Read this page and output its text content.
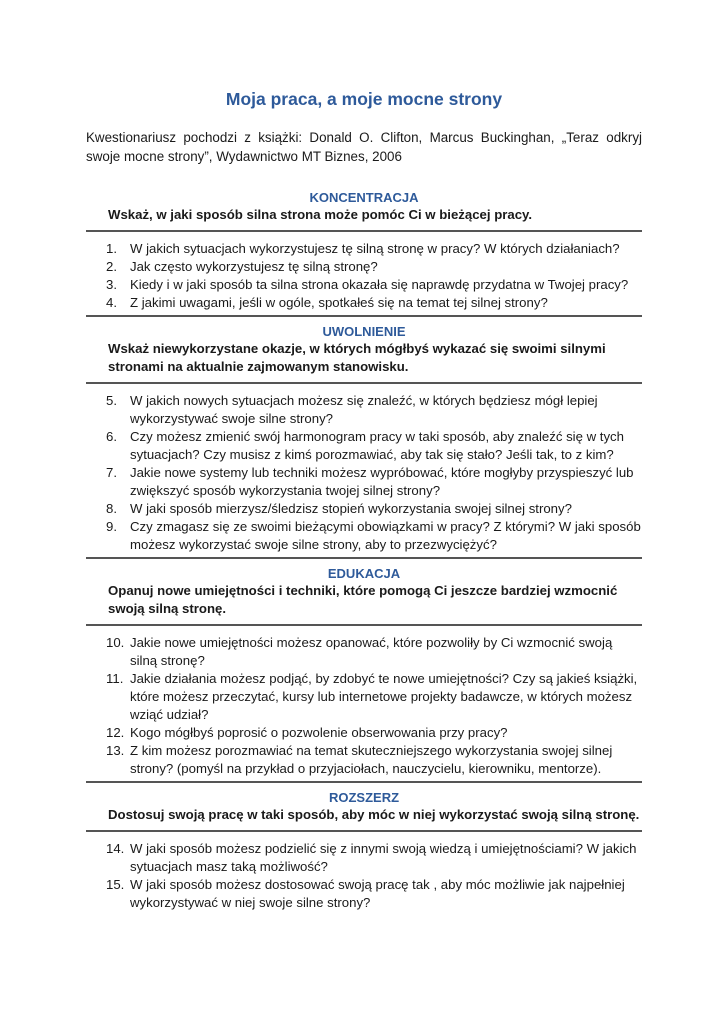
Moja praca, a moje mocne strony
Kwestionariusz pochodzi z książki: Donald O. Clifton, Marcus Buckinghan, „Teraz odkryj swoje mocne strony”, Wydawnictwo MT Biznes, 2006
KONCENTRACJA
Wskaż, w jaki sposób silna strona może pomóc Ci w bieżącej pracy.
1. W jakich sytuacjach wykorzystujesz tę silną stronę w pracy? W których działaniach?
2. Jak często wykorzystujesz tę silną stronę?
3. Kiedy i w jaki sposób ta silna strona okazała się naprawdę przydatna w Twojej pracy?
4. Z jakimi uwagami, jeśli w ogóle, spotkałeś się na temat tej silnej strony?
UWOLNIENIE
Wskaż niewykorzystane okazje, w których mógłbyś wykazać się swoimi silnymi stronami na aktualnie zajmowanym stanowisku.
5. W jakich nowych sytuacjach możesz się znaleźć, w których będziesz mógł lepiej wykorzystywać swoje silne strony?
6. Czy możesz zmienić swój harmonogram pracy w taki sposób, aby znaleźć się w tych sytuacjach? Czy musisz z kimś porozmawiać, aby tak się stało? Jeśli tak, to z kim?
7. Jakie nowe systemy lub techniki możesz wypróbować, które mogłyby przyspieszyć lub zwiększyć sposób wykorzystania twojej silnej strony?
8. W jaki sposób mierzysz/śledzisz stopień wykorzystania swojej silnej strony?
9. Czy zmagasz się ze swoimi bieżącymi obowiązkami w pracy? Z którymi? W jaki sposób możesz wykorzystać swoje silne strony, aby to przezwyciężyć?
EDUKACJA
Opanuj nowe umiejętności i techniki, które pomogą Ci jeszcze bardziej wzmocnić swoją silną stronę.
10. Jakie nowe umiejętności możesz opanować, które pozwoliły by Ci wzmocnić swoją silną stronę?
11. Jakie działania możesz podjąć, by zdobyć te nowe umiejętności? Czy są jakieś książki, które możesz przeczytać, kursy lub internetowe projekty badawcze, w których możesz wziąć udział?
12. Kogo mógłbyś poprosić o pozwolenie obserwowania przy pracy?
13. Z kim możesz porozmawiać na temat skuteczniejszego wykorzystania swojej silnej strony? (pomyśl na przykład o przyjaciołach, nauczycielu, kierowniku, mentorze).
ROZSZERZ
Dostosuj swoją pracę w taki sposób, aby móc w niej wykorzystać swoją silną stronę.
14. W jaki sposób możesz podzielić się z innymi swoją wiedzą i umiejętnościami? W jakich sytuacjach masz taką możliwość?
15. W jaki sposób możesz dostosować swoją pracę tak , aby móc możliwie jak najpełniej wykorzystywać w niej swoje silne strony?
